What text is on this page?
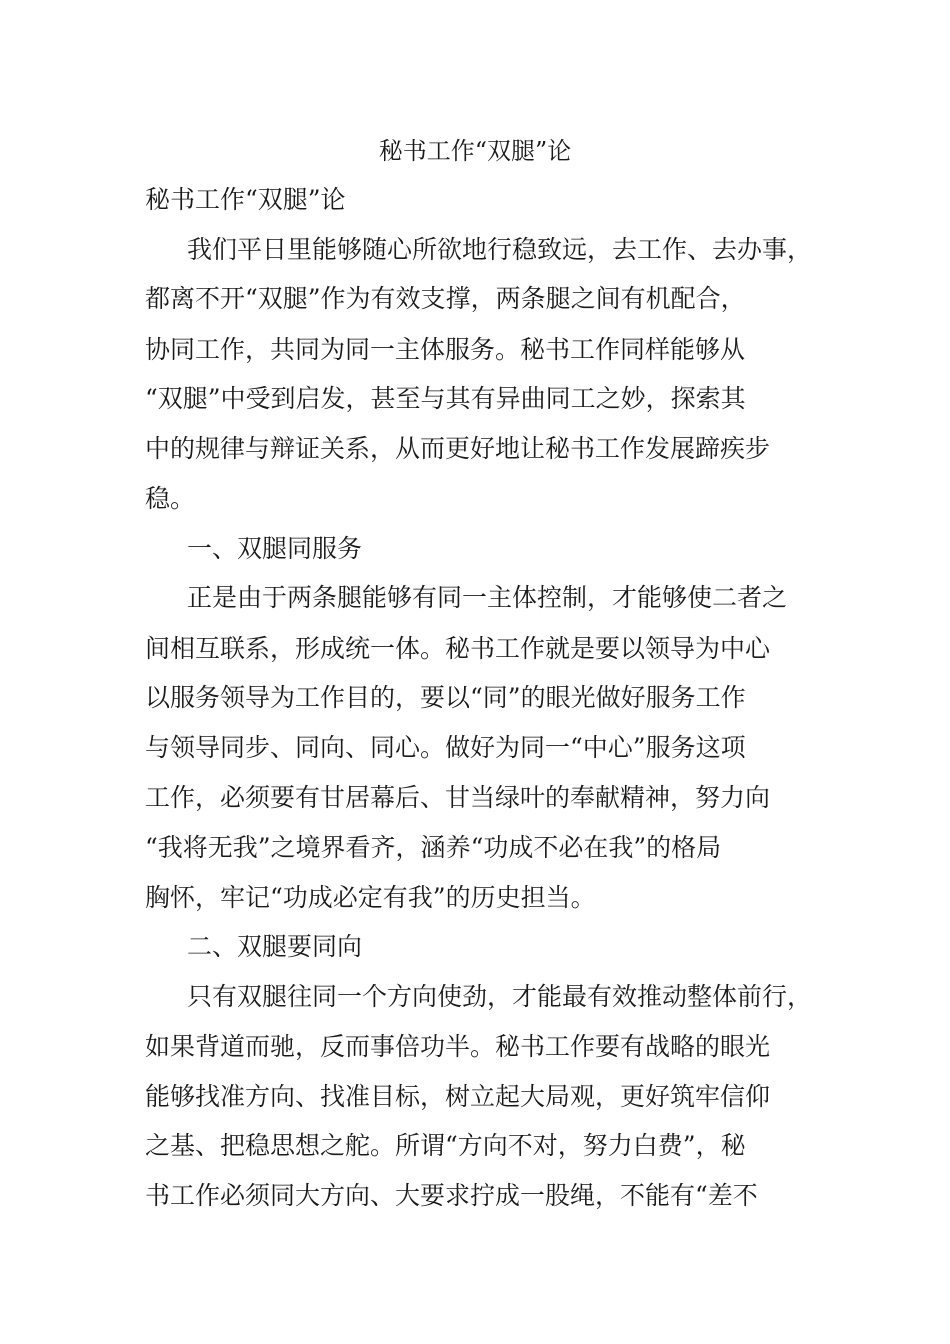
秘书工作“双腿”论

秘书工作“双腿”论

我们平日里能够随心所欲地行稳致远，去工作、去办事，

都离不开“双腿”作为有效支撑，两条腿之间有机配合，

协同工作，共同为同一主体服务。秘书工作同样能够从

“双腿”中受到启发，甚至与其有异曲同工之妙，探索其

中的规律与辩证关系，从而更好地让秘书工作发展蹄疾步

稳。

一、双腿同服务

正是由于两条腿能够有同一主体控制，才能够使二者之

间相互联系，形成统一体。秘书工作就是要以领导为中心

以服务领导为工作目的，要以“同”的眼光做好服务工作

与领导同步、同向、同心。做好为同一“中心”服务这项

工作，必须要有甘居幕后、甘当绿叶的奉献精神，努力向

“我将无我”之境界看齐，涵养“功成不必在我”的格局

胸怀，牢记“功成必定有我”的历史担当。

二、双腿要同向

只有双腿往同一个方向使劲，才能最有效推动整体前行，

如果背道而驰，反而事倍功半。秘书工作要有战略的眼光

能够找准方向、找准目标，树立起大局观，更好筑牢信仰

之基、把稳思想之舵。所谓“方向不对，努力白费”，秘

书工作必须同大方向、大要求拧成一股绳，不能有“差不
